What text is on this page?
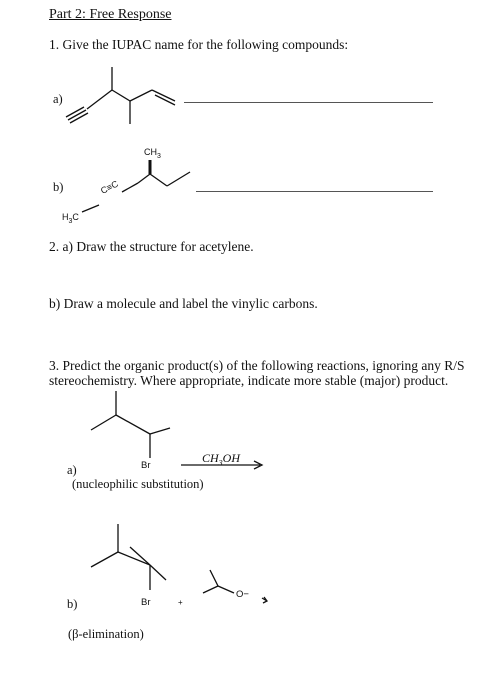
Part 2: Free Response
1. Give the IUPAC name for the following compounds:
a)
b)
$CH_3$
$H_3C$
C≡C
2. a) Draw the structure for acetylene.
b) Draw a molecule and label the vinylic carbons.
3. Predict the organic product(s) of the following reactions, ignoring any R/S
stereochemistry. Where appropriate, indicate more stable (major) product.
a)	Br
$CH_3OH$
(nucleophilic substitution)
b)	Br	+
O−
(β-elimination)
